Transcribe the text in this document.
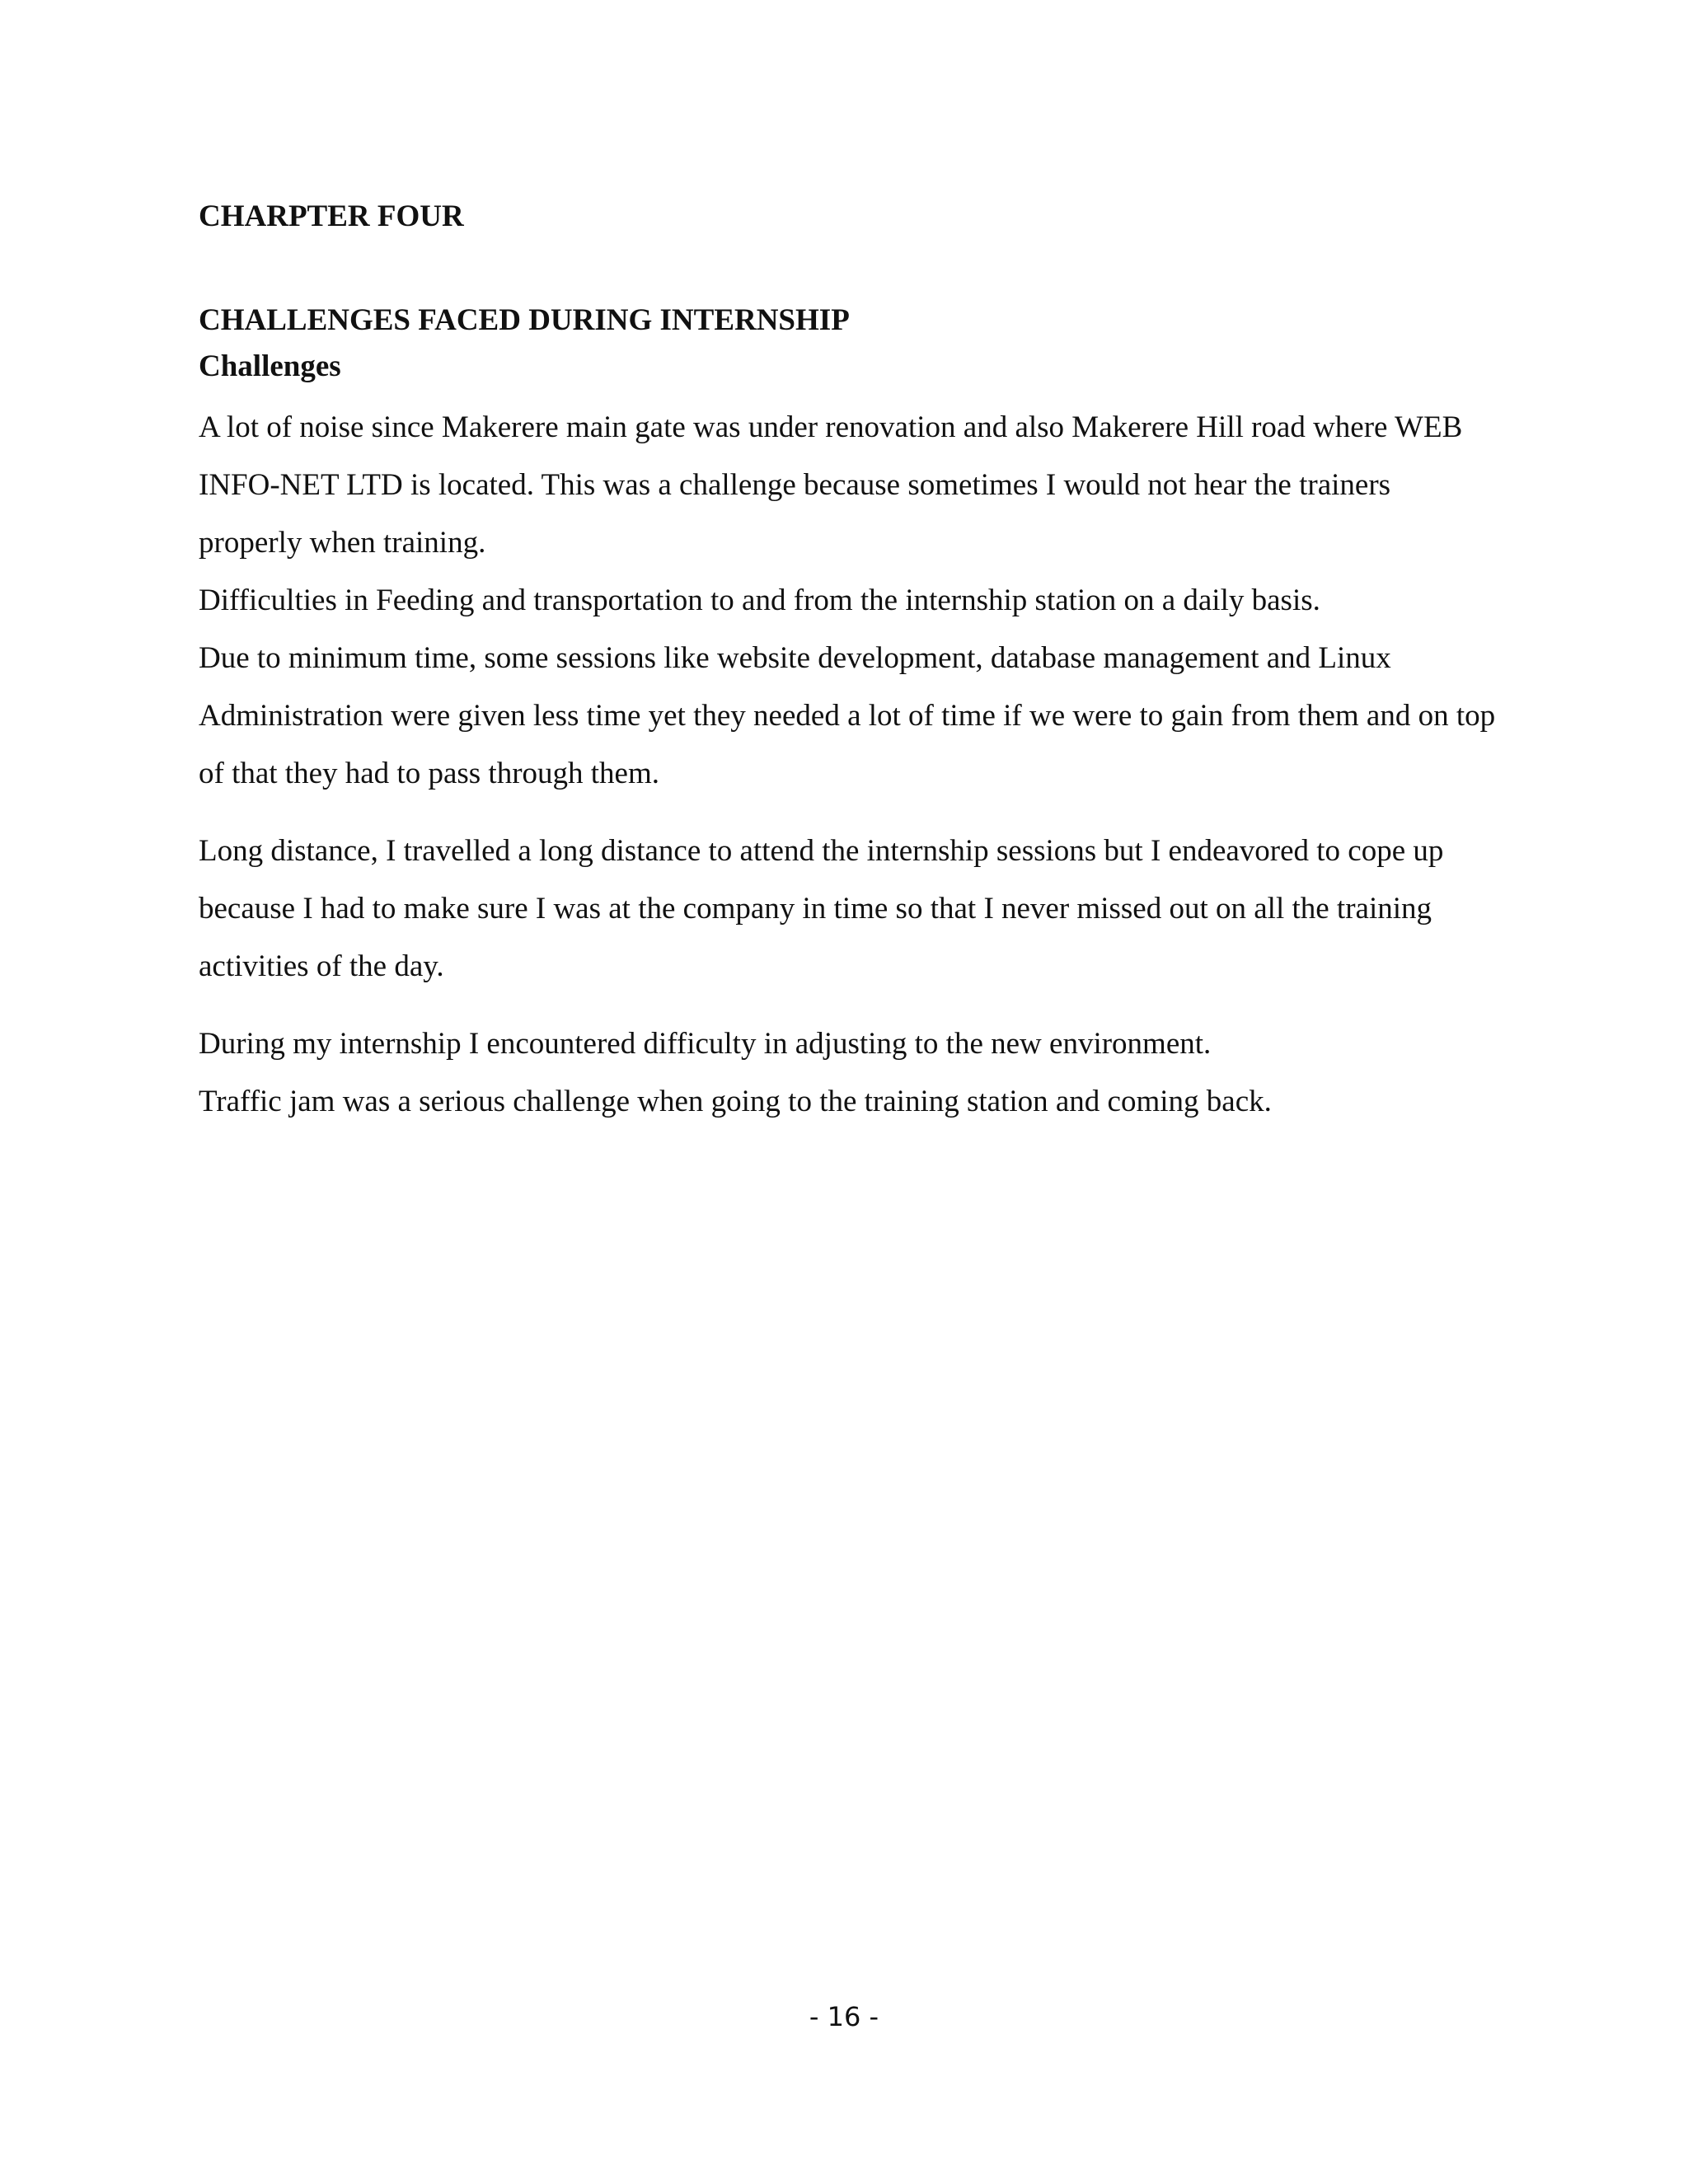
CHARPTER FOUR
CHALLENGES FACED DURING INTERNSHIP
Challenges

A lot of noise since Makerere main gate was under renovation and also Makerere Hill road where WEB INFO-NET LTD is located. This was a challenge because sometimes I would not hear the trainers properly when training.

Difficulties in Feeding and transportation to and from the internship station on a daily basis.

Due to minimum time, some sessions like website development, database management and Linux Administration were given less time yet they needed a lot of time if we were to gain from them and on top of that they had to pass through them.

Long distance, I travelled a long distance to attend the internship sessions but I endeavored to cope up because I had to make sure I was at the company in time so that I never missed out on all the training activities of the day.

During my internship I encountered difficulty in adjusting to the new environment.

Traffic jam was a serious challenge when going to the training station and coming back.

- 16 -
